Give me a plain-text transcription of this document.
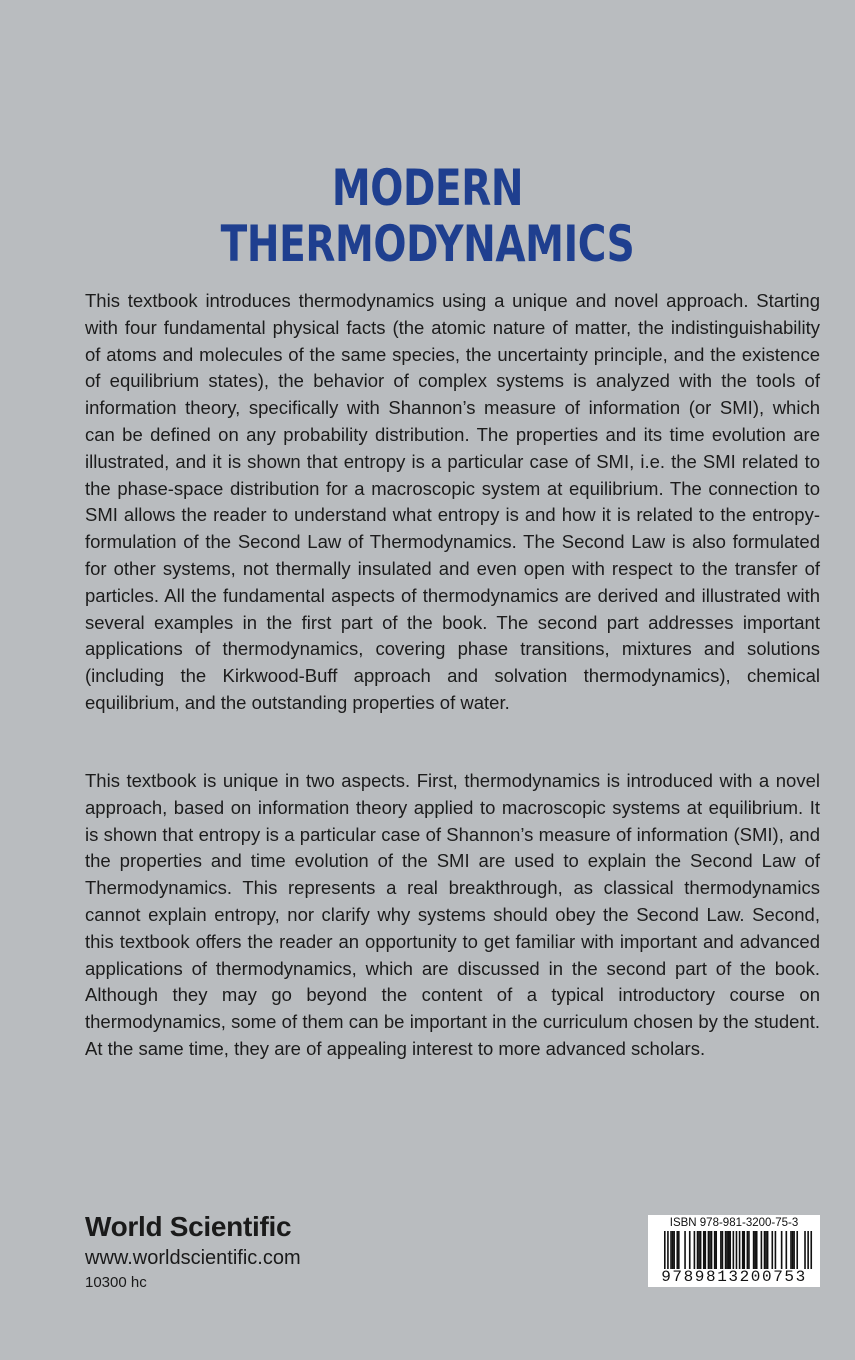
MODERN
THERMODYNAMICS
This textbook introduces thermodynamics using a unique and novel approach. Starting with four fundamental physical facts (the atomic nature of matter, the indistinguishability of atoms and molecules of the same species, the uncertainty principle, and the existence of equilibrium states), the behavior of complex systems is analyzed with the tools of information theory, specifically with Shannon’s measure of information (or SMI), which can be defined on any probability distribution. The properties and its time evolution are illustrated, and it is shown that entropy is a particular case of SMI, i.e. the SMI related to the phase-space distribution for a macroscopic system at equilibrium. The connection to SMI allows the reader to understand what entropy is and how it is related to the entropy-formulation of the Second Law of Thermodynamics. The Second Law is also formulated for other systems, not thermally insulated and even open with respect to the transfer of particles. All the fundamental aspects of thermodynamics are derived and illustrated with several examples in the first part of the book. The second part addresses important applications of thermodynamics, covering phase transitions, mixtures and solutions (including the Kirkwood-Buff approach and solvation thermodynamics), chemical equilibrium, and the outstanding properties of water.
This textbook is unique in two aspects. First, thermodynamics is introduced with a novel approach, based on information theory applied to macroscopic systems at equilibrium. It is shown that entropy is a particular case of Shannon’s measure of information (SMI), and the properties and time evolution of the SMI are used to explain the Second Law of Thermodynamics. This represents a real breakthrough, as classical thermodynamics cannot explain entropy, nor clarify why systems should obey the Second Law. Second, this textbook offers the reader an opportunity to get familiar with important and advanced applications of thermodynamics, which are discussed in the second part of the book. Although they may go beyond the content of a typical introductory course on thermodynamics, some of them can be important in the curriculum chosen by the student. At the same time, they are of appealing interest to more advanced scholars.
World Scientific
www.worldscientific.com
10300 hc
ISBN 978-981-3200-75-3
9789813200753
